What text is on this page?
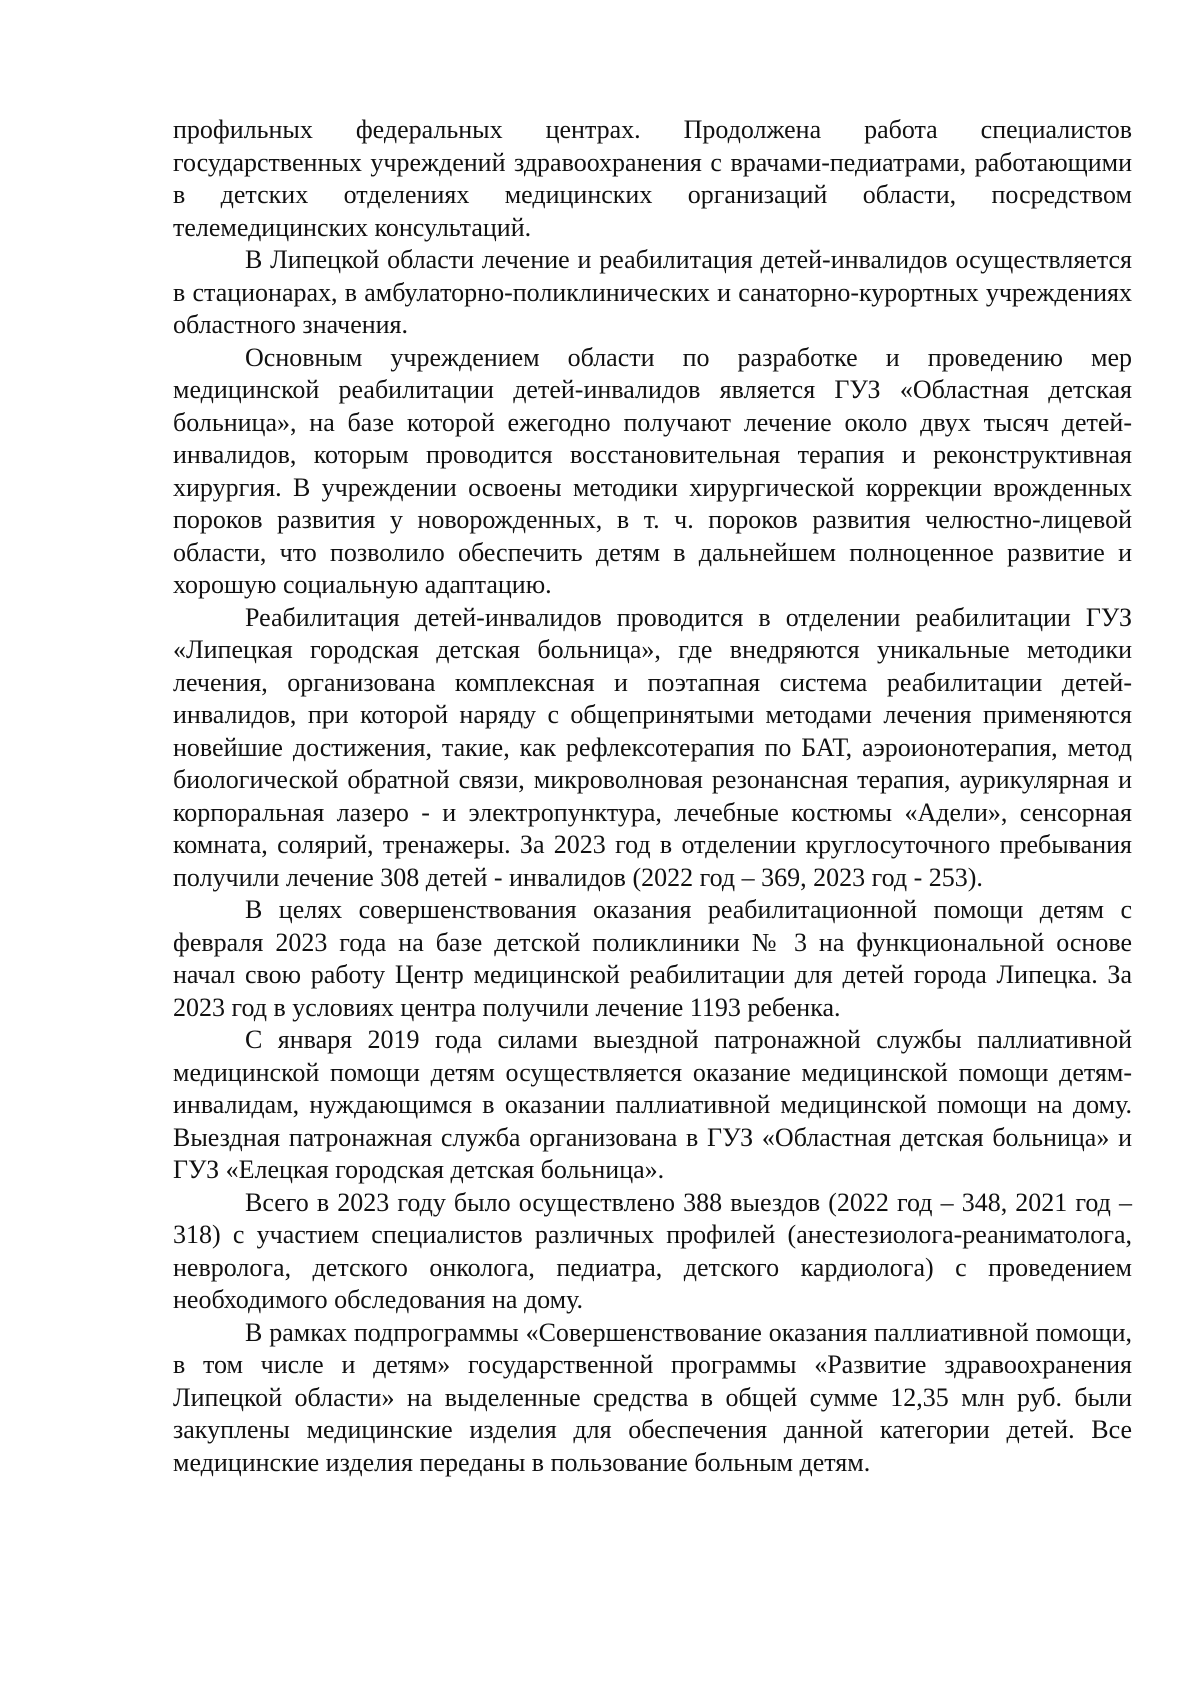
профильных федеральных центрах. Продолжена работа специалистов государственных учреждений здравоохранения с врачами-педиатрами, работающими в детских отделениях медицинских организаций области, посредством телемедицинских консультаций.

В Липецкой области лечение и реабилитация детей-инвалидов осуществляется в стационарах, в амбулаторно-поликлинических и санаторно-курортных учреждениях областного значения.

Основным учреждением области по разработке и проведению мер медицинской реабилитации детей-инвалидов является ГУЗ «Областная детская больница», на базе которой ежегодно получают лечение около двух тысяч детей-инвалидов, которым проводится восстановительная терапия и реконструктивная хирургия. В учреждении освоены методики хирургической коррекции врожденных пороков развития у новорожденных, в т. ч. пороков развития челюстно-лицевой области, что позволило обеспечить детям в дальнейшем полноценное развитие и хорошую социальную адаптацию.

Реабилитация детей-инвалидов проводится в отделении реабилитации ГУЗ «Липецкая городская детская больница», где внедряются уникальные методики лечения, организована комплексная и поэтапная система реабилитации детей-инвалидов, при которой наряду с общепринятыми методами лечения применяются новейшие достижения, такие, как рефлексотерапия по БАТ, аэроионотерапия, метод биологической обратной связи, микроволновая резонансная терапия, аурикулярная и корпоральная лазеро - и электропунктура, лечебные костюмы «Адели», сенсорная комната, солярий, тренажеры. За 2023 год в отделении круглосуточного пребывания получили лечение 308 детей - инвалидов (2022 год – 369, 2023 год - 253).

В целях совершенствования оказания реабилитационной помощи детям с февраля 2023 года на базе детской поликлиники № 3 на функциональной основе начал свою работу Центр медицинской реабилитации для детей города Липецка. За 2023 год в условиях центра получили лечение 1193 ребенка.

С января 2019 года силами выездной патронажной службы паллиативной медицинской помощи детям осуществляется оказание медицинской помощи детям-инвалидам, нуждающимся в оказании паллиативной медицинской помощи на дому. Выездная патронажная служба организована в ГУЗ «Областная детская больница» и ГУЗ «Елецкая городская детская больница».

Всего в 2023 году было осуществлено 388 выездов (2022 год – 348, 2021 год – 318) с участием специалистов различных профилей (анестезиолога-реаниматолога, невролога, детского онколога, педиатра, детского кардиолога) с проведением необходимого обследования на дому.

В рамках подпрограммы «Совершенствование оказания паллиативной помощи, в том числе и детям» государственной программы «Развитие здравоохранения Липецкой области» на выделенные средства в общей сумме 12,35 млн руб. были закуплены медицинские изделия для обеспечения данной категории детей. Все медицинские изделия переданы в пользование больным детям.
